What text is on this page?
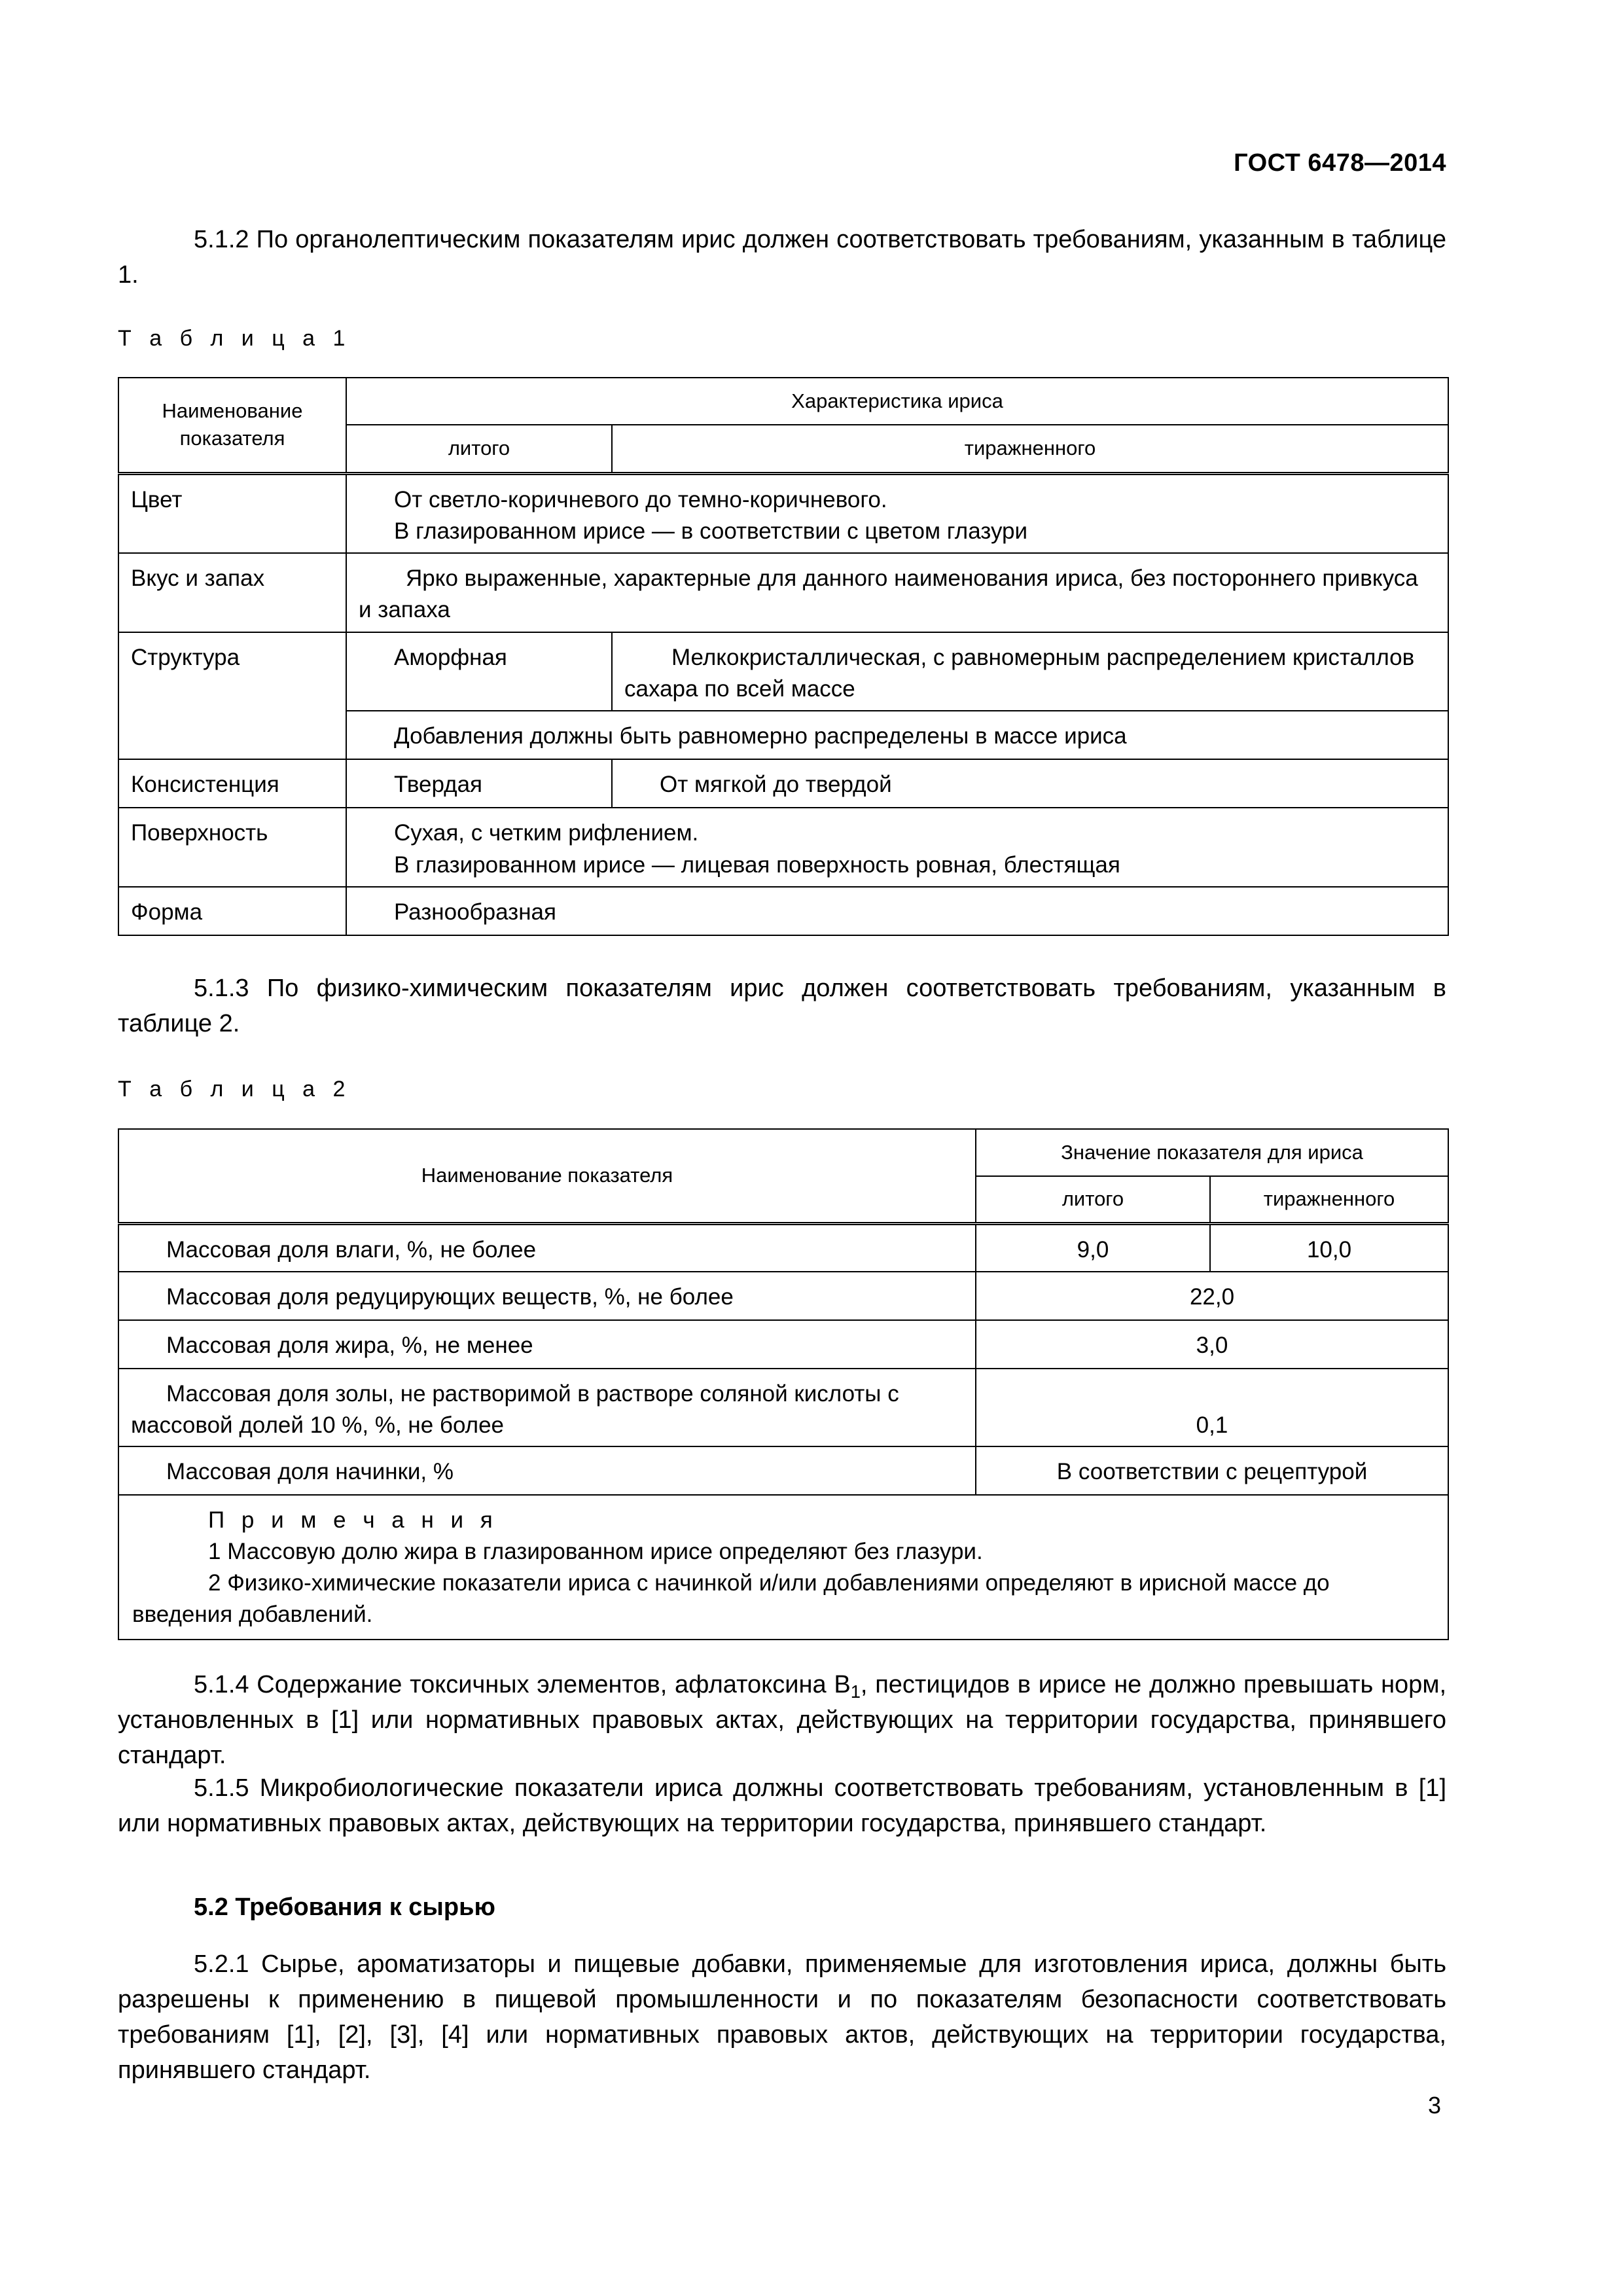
ГОСТ 6478—2014

5.1.2 По органолептическим показателям ирис должен соответствовать требованиям, указанным в таблице 1.

Т а б л и ц а 1

Наименование показателя	Характеристика ириса	
	литого	тиражненного
Цвет	От светло-коричневого до темно-коричневого.
В глазированном ирисе — в соответствии с цветом глазури	

Вкус и запах	Ярко выраженные, характерные для данного наименования ириса, без постороннего привкуса и запаха	

Структура	Аморфная	Мелкокристаллическая, с равномерным распределением кристаллов сахара по всей массе

	Добавления должны быть равномерно распределены в массе ириса	
Консистенция	Твердая	От мягкой до твердой
Поверхность	Сухая, с четким рифлением.
В глазированном ирисе — лицевая поверхность ровная, блестящая	

Форма	Разнообразная	

5.1.3 По физико-химическим показателям ирис должен соответствовать требованиям, указанным в таблице 2.

Т а б л и ц а 2

Наименование показателя	Значение показателя для ириса	
	литого	тиражненного

Массовая доля влаги, %, не более	9,0	10,0

Массовая доля редуцирующих веществ, %, не более	22,0	

Массовая доля жира, %, не менее	3,0	

Массовая доля золы, не растворимой в растворе соляной кислоты с массовой долей 10 %, %, не более	0,1	

Массовая доля начинки, %	В соответствии с рецептурой	

П р и м е ч а н и я
1 Массовую долю жира в глазированном ирисе определяют без глазури.
2 Физико-химические показатели ириса с начинкой и/или добавлениями определяют в ирисной массе до введения добавлений.		

5.1.4 Содержание токсичных элементов, афлатоксина $В_1$, пестицидов в ирисе не должно превышать норм, установленных в [1] или нормативных правовых актах, действующих на территории государства, принявшего стандарт.

5.1.5 Микробиологические показатели ириса должны соответствовать требованиям, установленным в [1] или нормативных правовых актах, действующих на территории государства, принявшего стандарт.

5.2 Требования к сырью

5.2.1 Сырье, ароматизаторы и пищевые добавки, применяемые для изготовления ириса, должны быть разрешены к применению в пищевой промышленности и по показателям безопасности соответствовать требованиям [1], [2], [3], [4] или нормативных правовых актов, действующих на территории государства, принявшего стандарт.

3
